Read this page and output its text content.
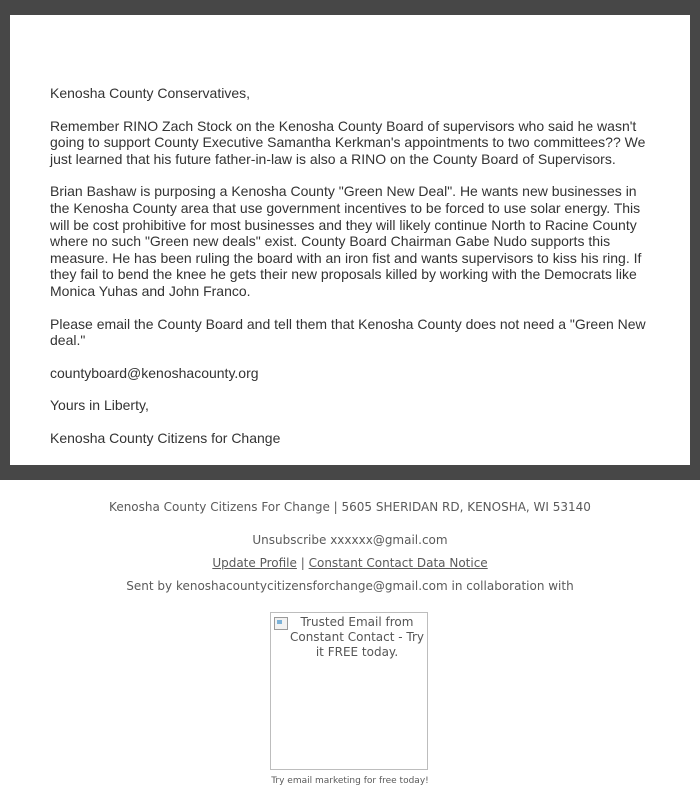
Kenosha County Conservatives,

Remember RINO Zach Stock on the Kenosha County Board of supervisors who said he wasn't going to support County Executive Samantha Kerkman's appointments to two committees?? We just learned that his future father-in-law is also a RINO on the County Board of Supervisors.

Brian Bashaw is purposing a Kenosha County "Green New Deal". He wants new businesses in the Kenosha County area that use government incentives to be forced to use solar energy. This will be cost prohibitive for most businesses and they will likely continue North to Racine County where no such "Green new deals" exist. County Board Chairman Gabe Nudo supports this measure. He has been ruling the board with an iron fist and wants supervisors to kiss his ring. If they fail to bend the knee he gets their new proposals killed by working with the Democrats like Monica Yuhas and John Franco.

Please email the County Board and tell them that Kenosha County does not need a "Green New deal."

countyboard@kenoshacounty.org

Yours in Liberty,

Kenosha County Citizens for Change

Kenosha County Citizens For Change | 5605 SHERIDAN RD, KENOSHA, WI 53140
Unsubscribe xxxxxx@gmail.com
Update Profile | Constant Contact Data Notice
Sent by kenoshacountycitizensforchange@gmail.com in collaboration with
Trusted Email from Constant Contact - Try it FREE today.
Try email marketing for free today!
